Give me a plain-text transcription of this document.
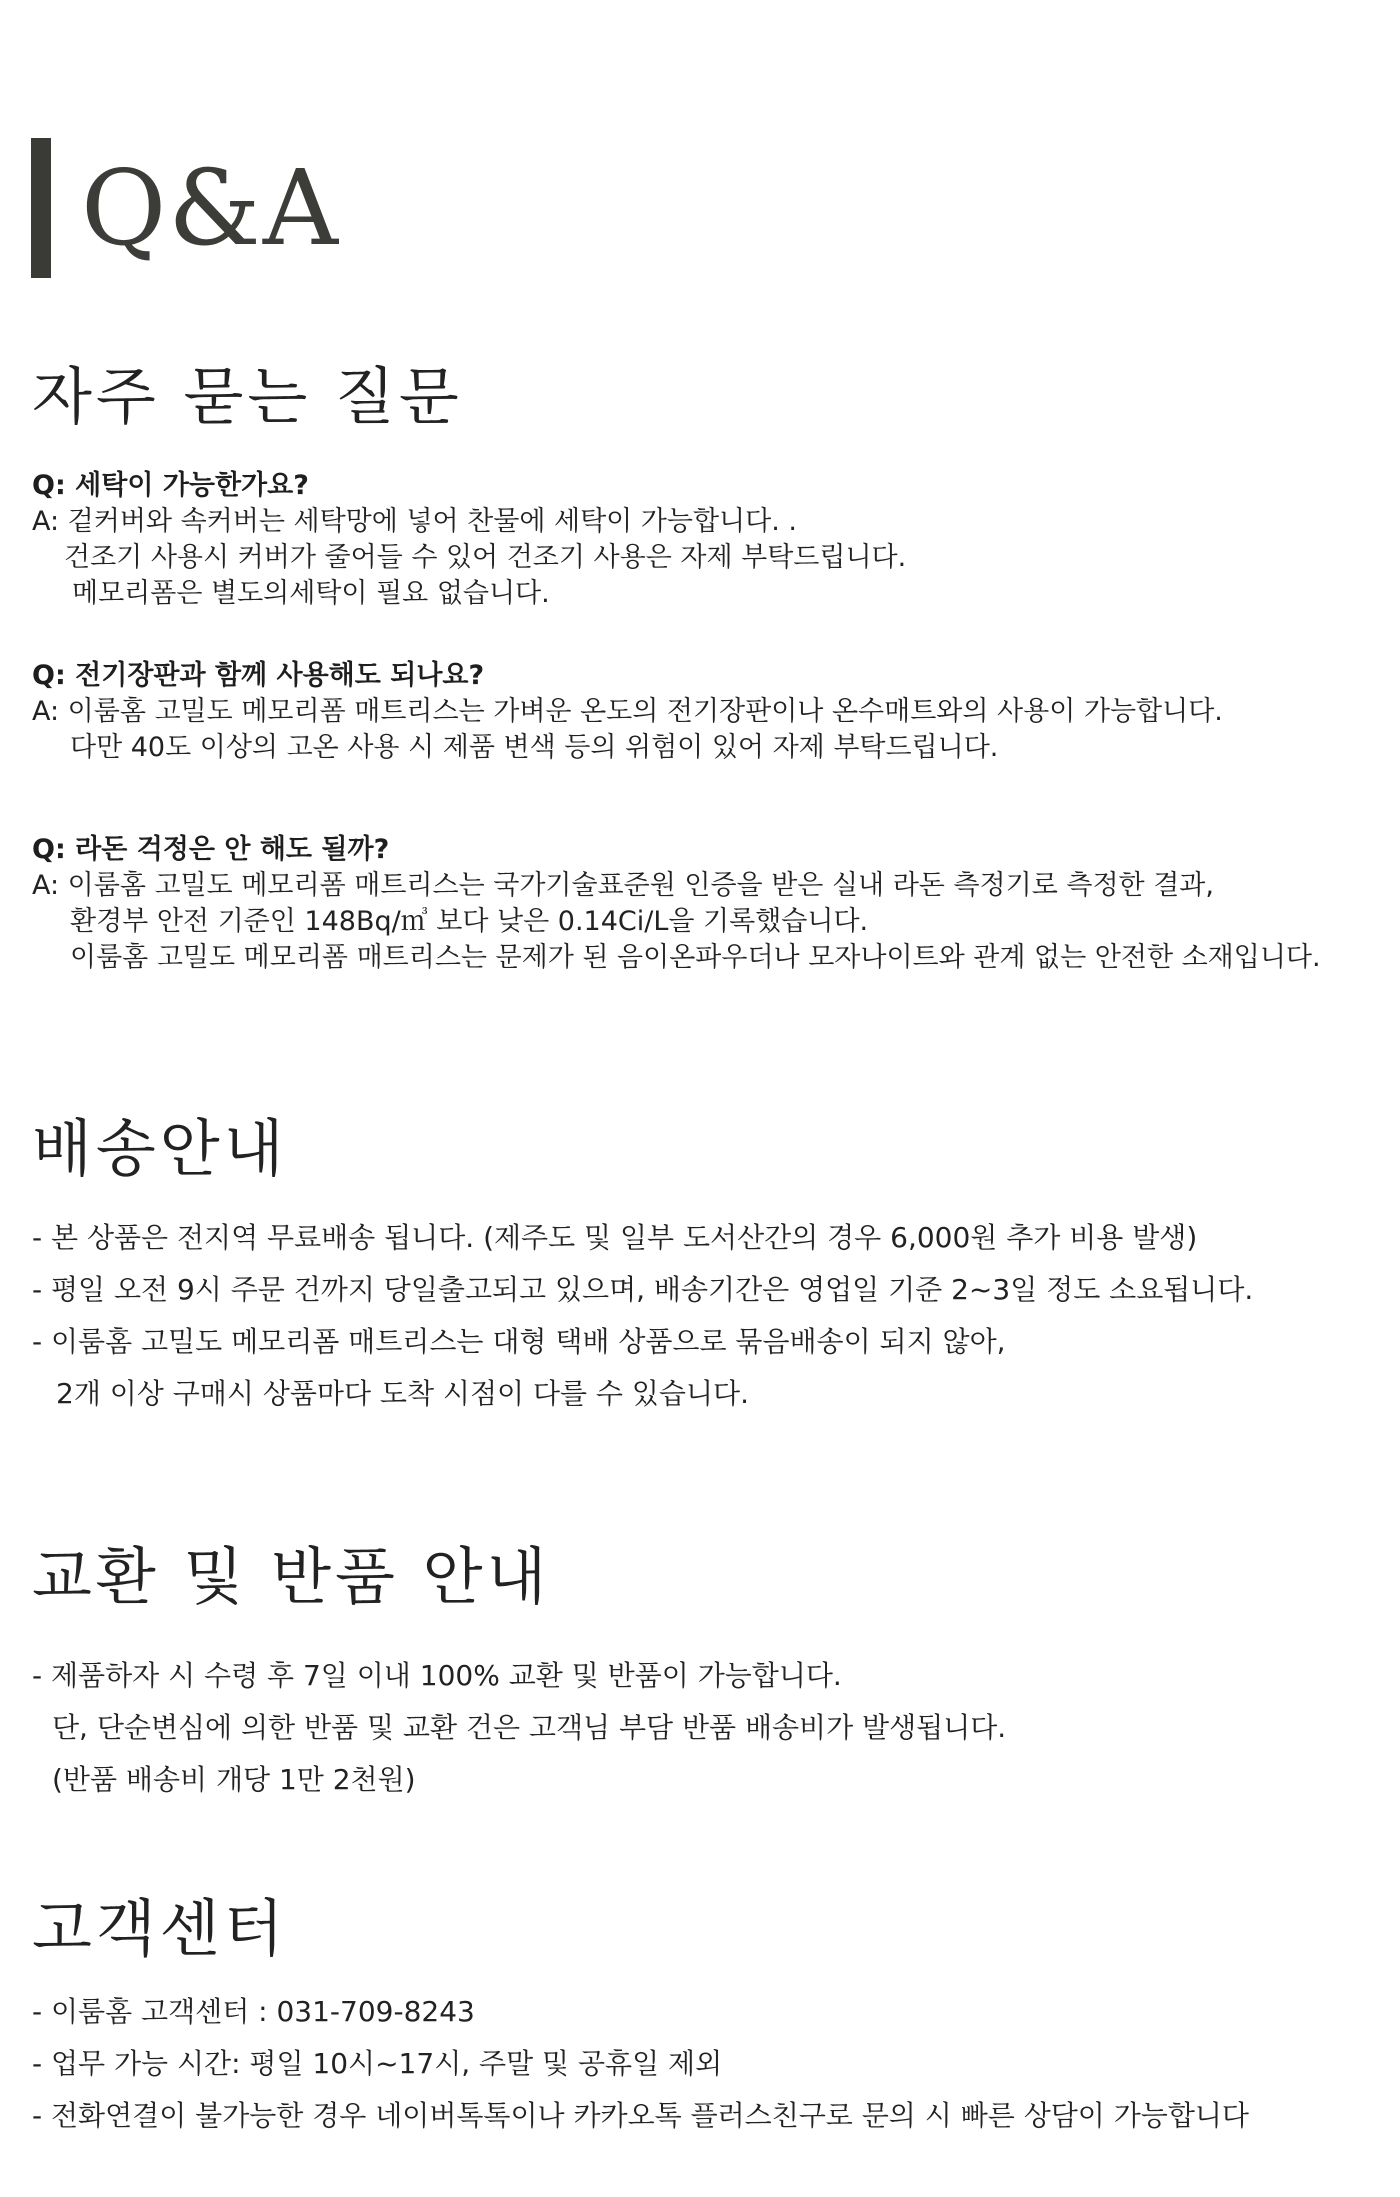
Q&A
자주 묻는 질문
Q: 세탁이 가능한가요?
A: 겉커버와 속커버는 세탁망에 넣어 찬물에 세탁이 가능합니다. .
건조기 사용시 커버가 줄어들 수 있어 건조기 사용은 자제 부탁드립니다.
메모리폼은 별도의세탁이 필요 없습니다.
Q: 전기장판과 함께 사용해도 되나요?
A: 이룸홈 고밀도 메모리폼 매트리스는 가벼운 온도의 전기장판이나 온수매트와의 사용이 가능합니다.
다만 40도 이상의 고온 사용 시 제품 변색 등의 위험이 있어 자제 부탁드립니다.
Q: 라돈 걱정은 안 해도 될까?
A: 이룸홈 고밀도 메모리폼 매트리스는 국가기술표준원 인증을 받은 실내 라돈 측정기로 측정한 결과,
환경부 안전 기준인 148Bq/㎥ 보다 낮은 0.14Ci/L을 기록했습니다.
이룸홈 고밀도 메모리폼 매트리스는 문제가 된 음이온파우더나 모자나이트와 관계 없는 안전한 소재입니다.
배송안내
- 본 상품은 전지역 무료배송 됩니다. (제주도 및 일부 도서산간의 경우 6,000원 추가 비용 발생)
- 평일 오전 9시 주문 건까지 당일출고되고 있으며, 배송기간은 영업일 기준 2~3일 정도 소요됩니다.
- 이룸홈 고밀도 메모리폼 매트리스는 대형 택배 상품으로 묶음배송이 되지 않아,
2개 이상 구매시 상품마다 도착 시점이 다를 수 있습니다.
교환 및 반품 안내
- 제품하자 시 수령 후 7일 이내 100% 교환 및 반품이 가능합니다.
단, 단순변심에 의한 반품 및 교환 건은 고객님 부담 반품 배송비가 발생됩니다.
(반품 배송비 개당 1만 2천원)
고객센터
- 이룸홈 고객센터 : 031-709-8243
- 업무 가능 시간: 평일 10시~17시, 주말 및 공휴일 제외
- 전화연결이 불가능한 경우 네이버톡톡이나 카카오톡 플러스친구로 문의 시 빠른 상담이 가능합니다
